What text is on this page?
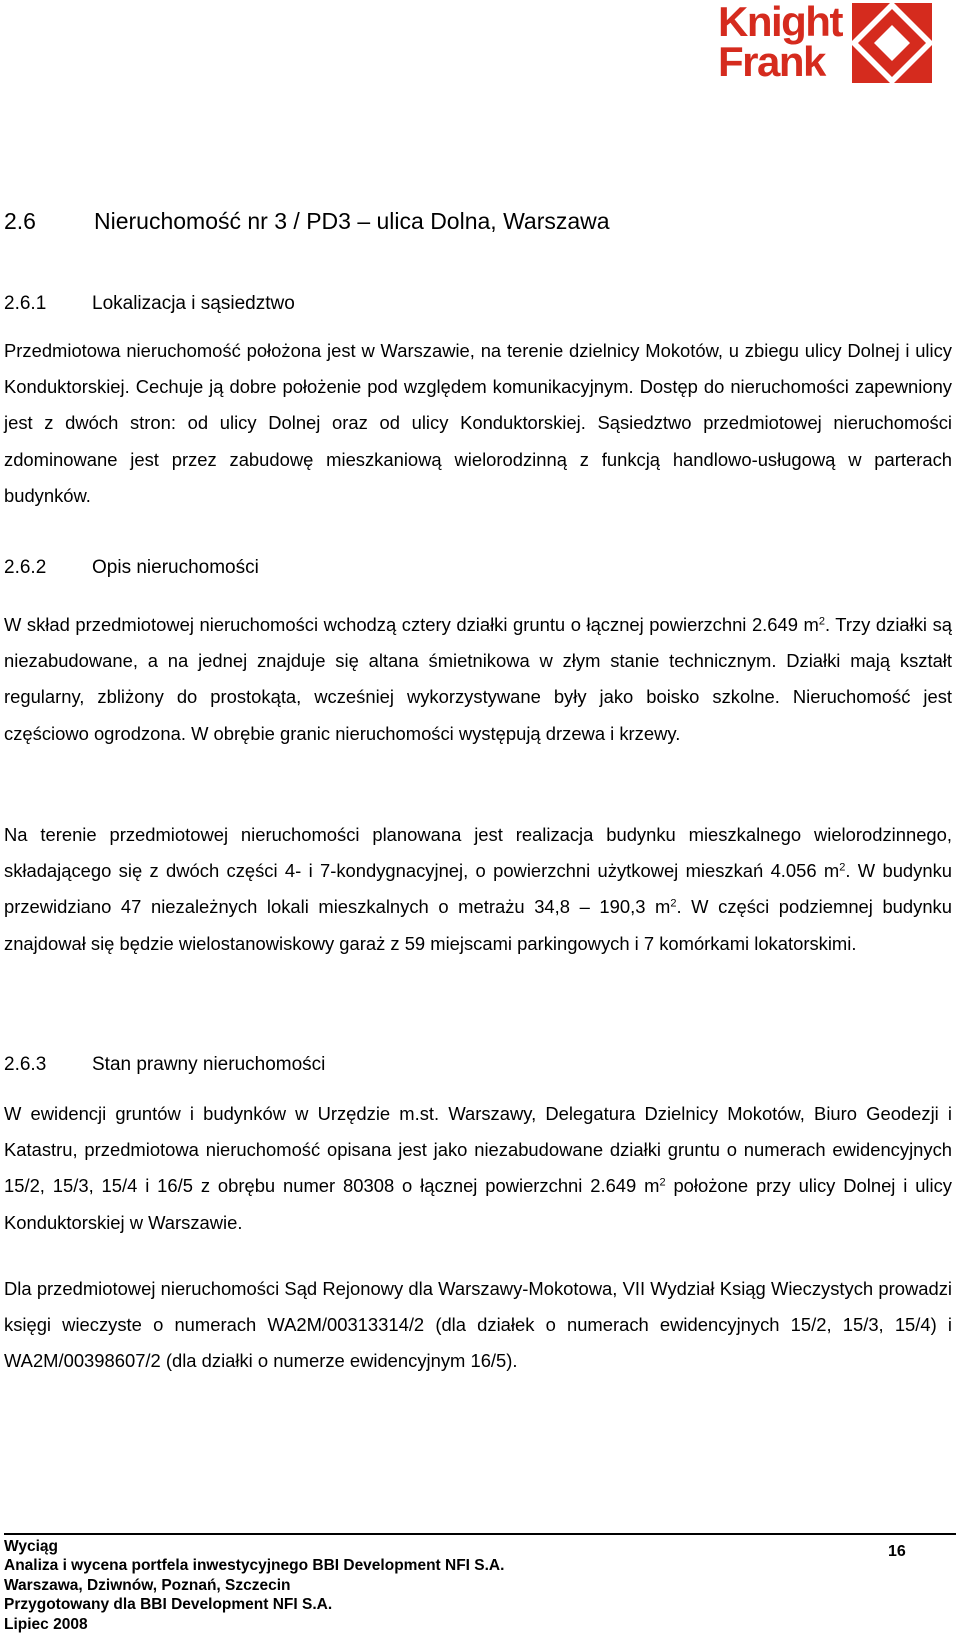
Knight
Frank
2.6	Nieruchomość nr 3 / PD3 – ulica Dolna, Warszawa
2.6.1 Lokalizacja i sąsiedztwo

Przedmiotowa nieruchomość położona jest w Warszawie, na terenie dzielnicy Mokotów, u zbiegu ulicy Dolnej i ulicy Konduktorskiej. Cechuje ją dobre położenie pod względem komunikacyjnym. Dostęp do nieruchomości zapewniony jest z dwóch stron: od ulicy Dolnej oraz od ulicy Konduktorskiej. Sąsiedztwo przedmiotowej nieruchomości zdominowane jest przez zabudowę mieszkaniową wielorodzinną z funkcją handlowo-usługową w parterach budynków.

2.6.2 Opis nieruchomości

W skład przedmiotowej nieruchomości wchodzą cztery działki gruntu o łącznej powierzchni 2.649 $m^2$. Trzy działki są niezabudowane, a na jednej znajduje się altana śmietnikowa w złym stanie technicznym. Działki mają kształt regularny, zbliżony do prostokąta, wcześniej wykorzystywane były jako boisko szkolne. Nieruchomość jest częściowo ogrodzona. W obrębie granic nieruchomości występują drzewa i krzewy.

Na terenie przedmiotowej nieruchomości planowana jest realizacja budynku mieszkalnego wielorodzinnego, składającego się z dwóch części 4- i 7-kondygnacyjnej, o powierzchni użytkowej mieszkań 4.056 $m^2$. W budynku przewidziano 47 niezależnych lokali mieszkalnych o metrażu 34,8 – 190,3 $m^2$. W części podziemnej budynku znajdował się będzie wielostanowiskowy garaż z 59 miejscami parkingowych i 7 komórkami lokatorskimi.

2.6.3 Stan prawny nieruchomości

W ewidencji gruntów i budynków w Urzędzie m.st. Warszawy, Delegatura Dzielnicy Mokotów, Biuro Geodezji i Katastru, przedmiotowa nieruchomość opisana jest jako niezabudowane działki gruntu o numerach ewidencyjnych 15/2, 15/3, 15/4 i 16/5 z obrębu numer 80308 o łącznej powierzchni 2.649 $m^2$ położone przy ulicy Dolnej i ulicy Konduktorskiej w Warszawie.

Dla przedmiotowej nieruchomości Sąd Rejonowy dla Warszawy-Mokotowa, VII Wydział Ksiąg Wieczystych prowadzi księgi wieczyste o numerach WA2M/00313314/2 (dla działek o numerach ewidencyjnych 15/2, 15/3, 15/4) i WA2M/00398607/2 (dla działki o numerze ewidencyjnym 16/5).

Wyciąg
Analiza i wycena portfela inwestycyjnego BBI Development NFI S.A.
Warszawa, Dziwnów, Poznań, Szczecin
Przygotowany dla BBI Development NFI S.A.
Lipiec 2008
16
